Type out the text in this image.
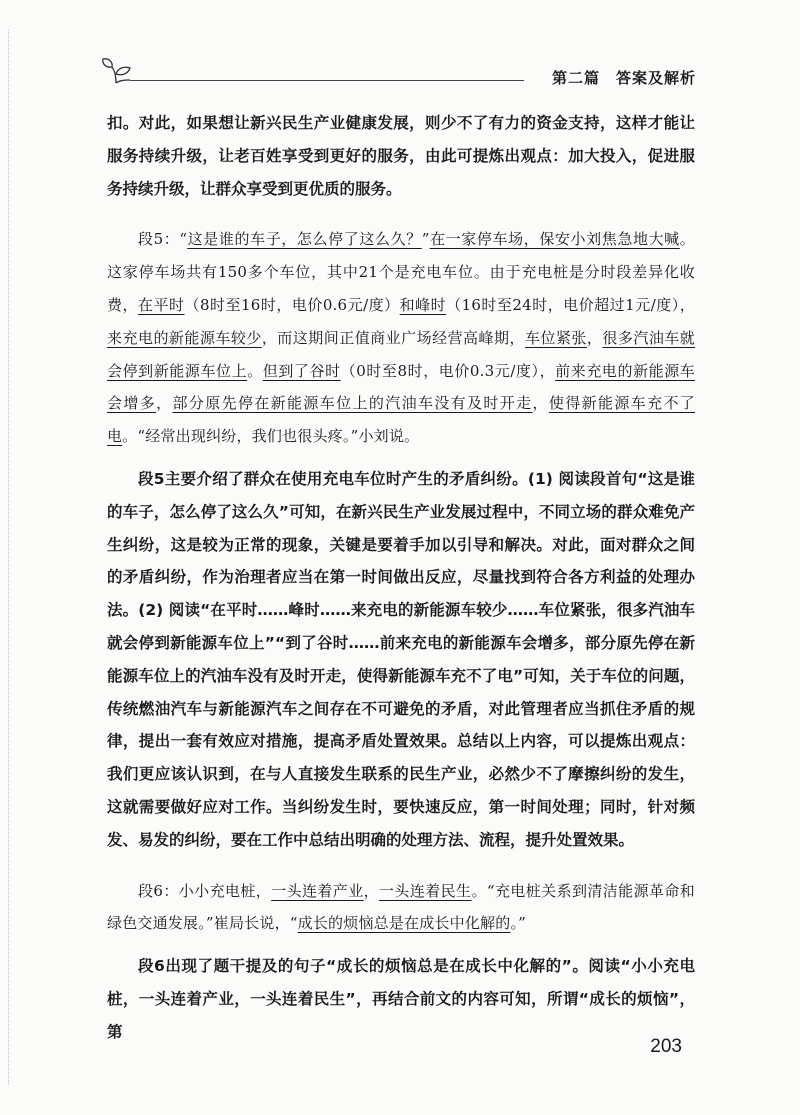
第二篇　答案及解析

扣。对此，如果想让新兴民生产业健康发展，则少不了有力的资金支持，这样才能让服务持续升级，让老百姓享受到更好的服务，由此可提炼出观点：加大投入，促进服务持续升级，让群众享受到更优质的服务。

段5：“这是谁的车子，怎么停了这么久？”在一家停车场，保安小刘焦急地大喊。这家停车场共有150多个车位，其中21个是充电车位。由于充电桩是分时段差异化收费，在平时（8时至16时，电价0.6元/度）和峰时（16时至24时，电价超过1元/度），来充电的新能源车较少，而这期间正值商业广场经营高峰期，车位紧张，很多汽油车就会停到新能源车位上。但到了谷时（0时至8时，电价0.3元/度），前来充电的新能源车会增多，部分原先停在新能源车位上的汽油车没有及时开走，使得新能源车充不了电。“经常出现纠纷，我们也很头疼。”小刘说。

段5主要介绍了群众在使用充电车位时产生的矛盾纠纷。(1) 阅读段首句“这是谁的车子，怎么停了这么久”可知，在新兴民生产业发展过程中，不同立场的群众难免产生纠纷，这是较为正常的现象，关键是要着手加以引导和解决。对此，面对群众之间的矛盾纠纷，作为治理者应当在第一时间做出反应，尽量找到符合各方利益的处理办法。(2) 阅读“在平时……峰时……来充电的新能源车较少……车位紧张，很多汽油车就会停到新能源车位上”“到了谷时……前来充电的新能源车会增多，部分原先停在新能源车位上的汽油车没有及时开走，使得新能源车充不了电”可知，关于车位的问题，传统燃油汽车与新能源汽车之间存在不可避免的矛盾，对此管理者应当抓住矛盾的规律，提出一套有效应对措施，提高矛盾处置效果。总结以上内容，可以提炼出观点：我们更应该认识到，在与人直接发生联系的民生产业，必然少不了摩擦纠纷的发生，这就需要做好应对工作。当纠纷发生时，要快速反应，第一时间处理；同时，针对频发、易发的纠纷，要在工作中总结出明确的处理方法、流程，提升处置效果。

段6：小小充电桩，一头连着产业，一头连着民生。“充电桩关系到清洁能源革命和绿色交通发展。”崔局长说，“成长的烦恼总是在成长中化解的。”

段6出现了题干提及的句子“成长的烦恼总是在成长中化解的”。阅读“小小充电桩，一头连着产业，一头连着民生”，再结合前文的内容可知，所谓“成长的烦恼”，第

203
